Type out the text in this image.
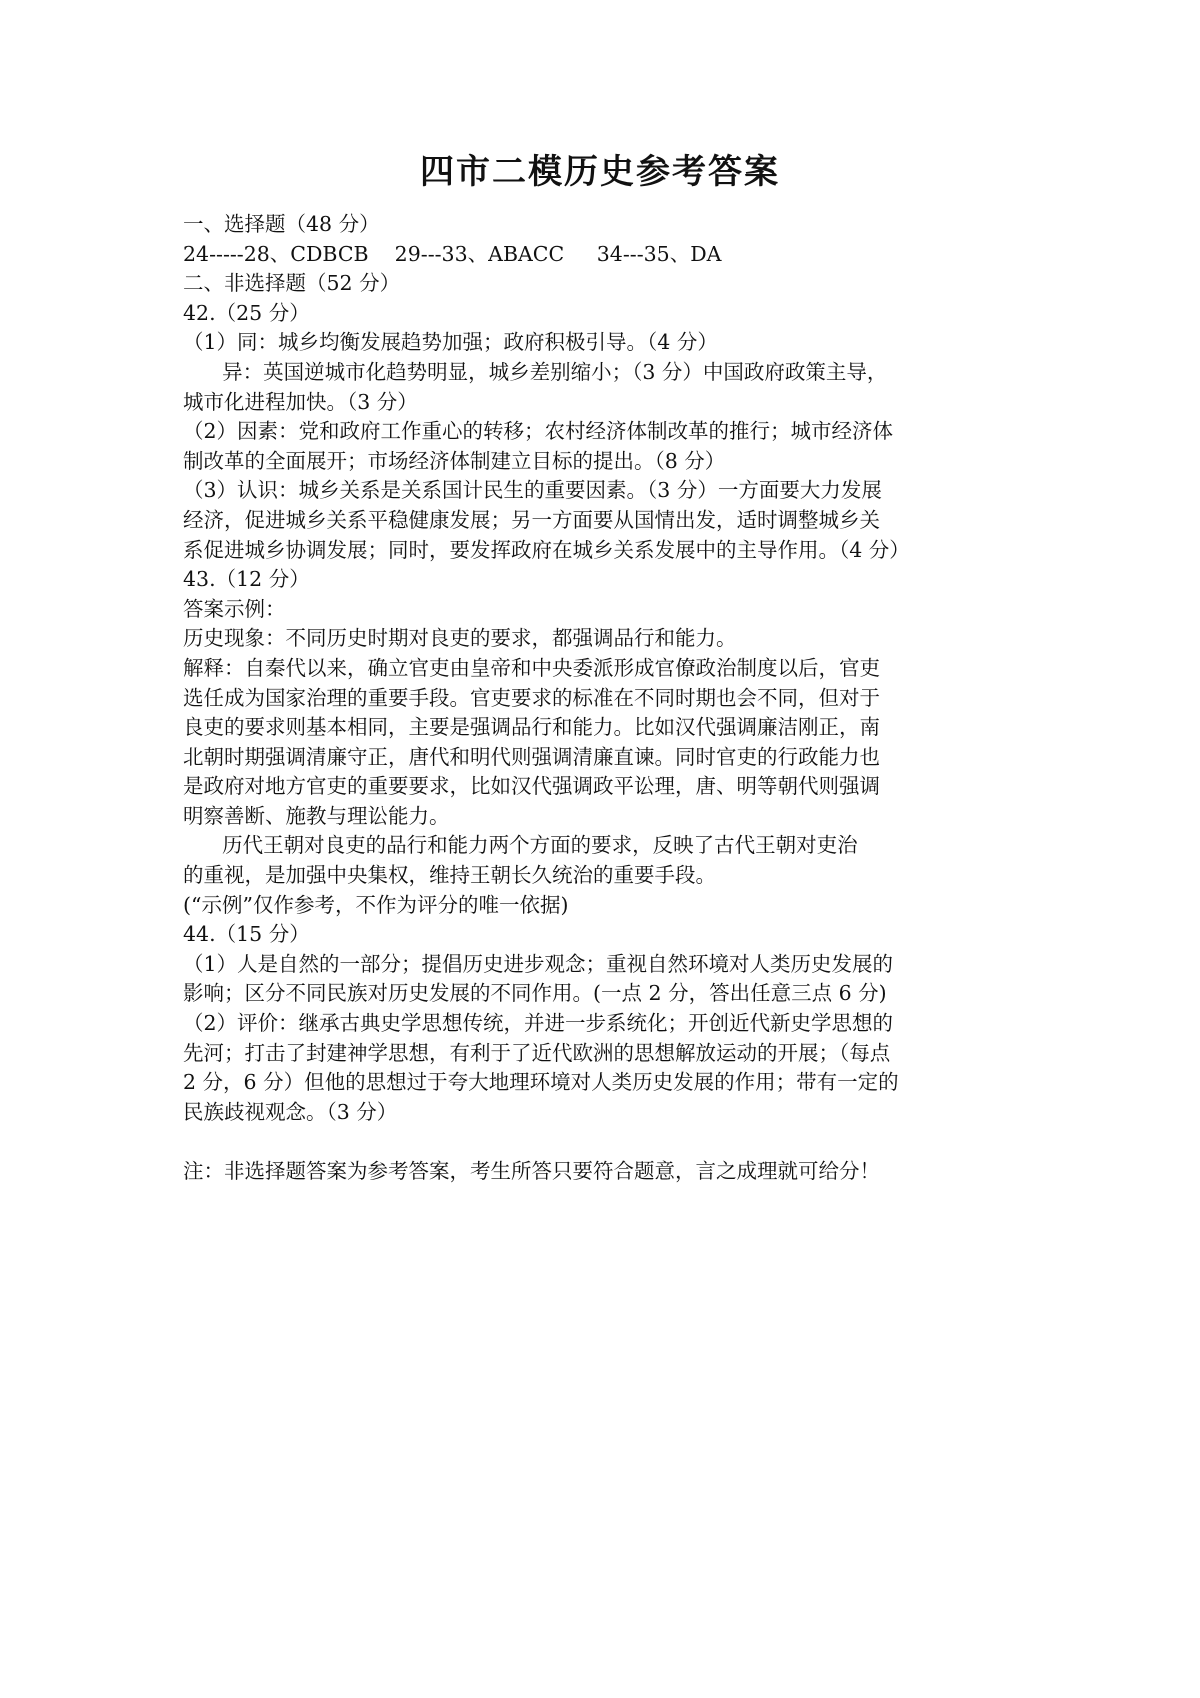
四市二模历史参考答案
一、选择题（48 分）
24-----28、CDBCB    29---33、ABACC     34---35、DA
二、非选择题（52 分）
42.（25 分）
（1）同：城乡均衡发展趋势加强；政府积极引导。（4 分）
异：英国逆城市化趋势明显，城乡差别缩小；（3 分）中国政府政策主导，
城市化进程加快。（3 分）
（2）因素：党和政府工作重心的转移；农村经济体制改革的推行；城市经济体
制改革的全面展开；市场经济体制建立目标的提出。（8 分）
（3）认识：城乡关系是关系国计民生的重要因素。（3 分）一方面要大力发展
经济，促进城乡关系平稳健康发展；另一方面要从国情出发，适时调整城乡关
系促进城乡协调发展；同时，要发挥政府在城乡关系发展中的主导作用。（4 分）
43.（12 分）
答案示例：
历史现象：不同历史时期对良吏的要求，都强调品行和能力。
解释：自秦代以来，确立官吏由皇帝和中央委派形成官僚政治制度以后，官吏
选任成为国家治理的重要手段。官吏要求的标准在不同时期也会不同，但对于
良吏的要求则基本相同，主要是强调品行和能力。比如汉代强调廉洁刚正，南
北朝时期强调清廉守正，唐代和明代则强调清廉直谏。同时官吏的行政能力也
是政府对地方官吏的重要要求，比如汉代强调政平讼理，唐、明等朝代则强调
明察善断、施教与理讼能力。
历代王朝对良吏的品行和能力两个方面的要求，反映了古代王朝对吏治
的重视，是加强中央集权，维持王朝长久统治的重要手段。
(“示例”仅作参考，不作为评分的唯一依据)
44.（15 分）
（1）人是自然的一部分；提倡历史进步观念；重视自然环境对人类历史发展的
影响；区分不同民族对历史发展的不同作用。(一点 2 分，答出任意三点 6 分)
（2）评价：继承古典史学思想传统，并进一步系统化；开创近代新史学思想的
先河；打击了封建神学思想，有利于了近代欧洲的思想解放运动的开展；（每点
2 分，6 分）但他的思想过于夸大地理环境对人类历史发展的作用；带有一定的
民族歧视观念。（3 分）
注：非选择题答案为参考答案，考生所答只要符合题意，言之成理就可给分！
